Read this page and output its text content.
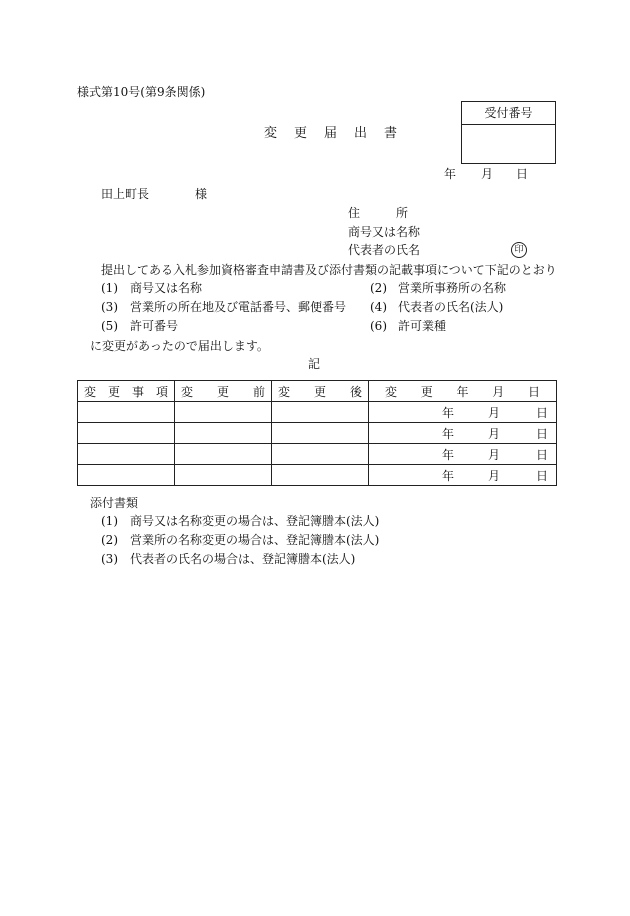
様式第10号(第9条関係)
受付番号
変　更　届　出　書
年 月 日
田上町長	様
住　　　所
商号又は名称
代表者の氏名	印
提出してある入札参加資格審査申請書及び添付書類の記載事項について下記のとおり
(1) 商号又は名称	(2) 営業所事務所の名称
(3) 営業所の所在地及び電話番号、郵便番号 (4) 代表者の氏名(法人)
(5) 許可番号	(6) 許可業種
に変更があったので届出します。
記
変　更　事　項	変　　更　　前	変　　更　　後	変 更 年 月 日

			年 月 日

			年 月 日

			年 月 日

			年 月 日
添付書類
(1) 商号又は名称変更の場合は、登記簿謄本(法人)
(2) 営業所の名称変更の場合は、登記簿謄本(法人)
(3) 代表者の氏名の場合は、登記簿謄本(法人)
